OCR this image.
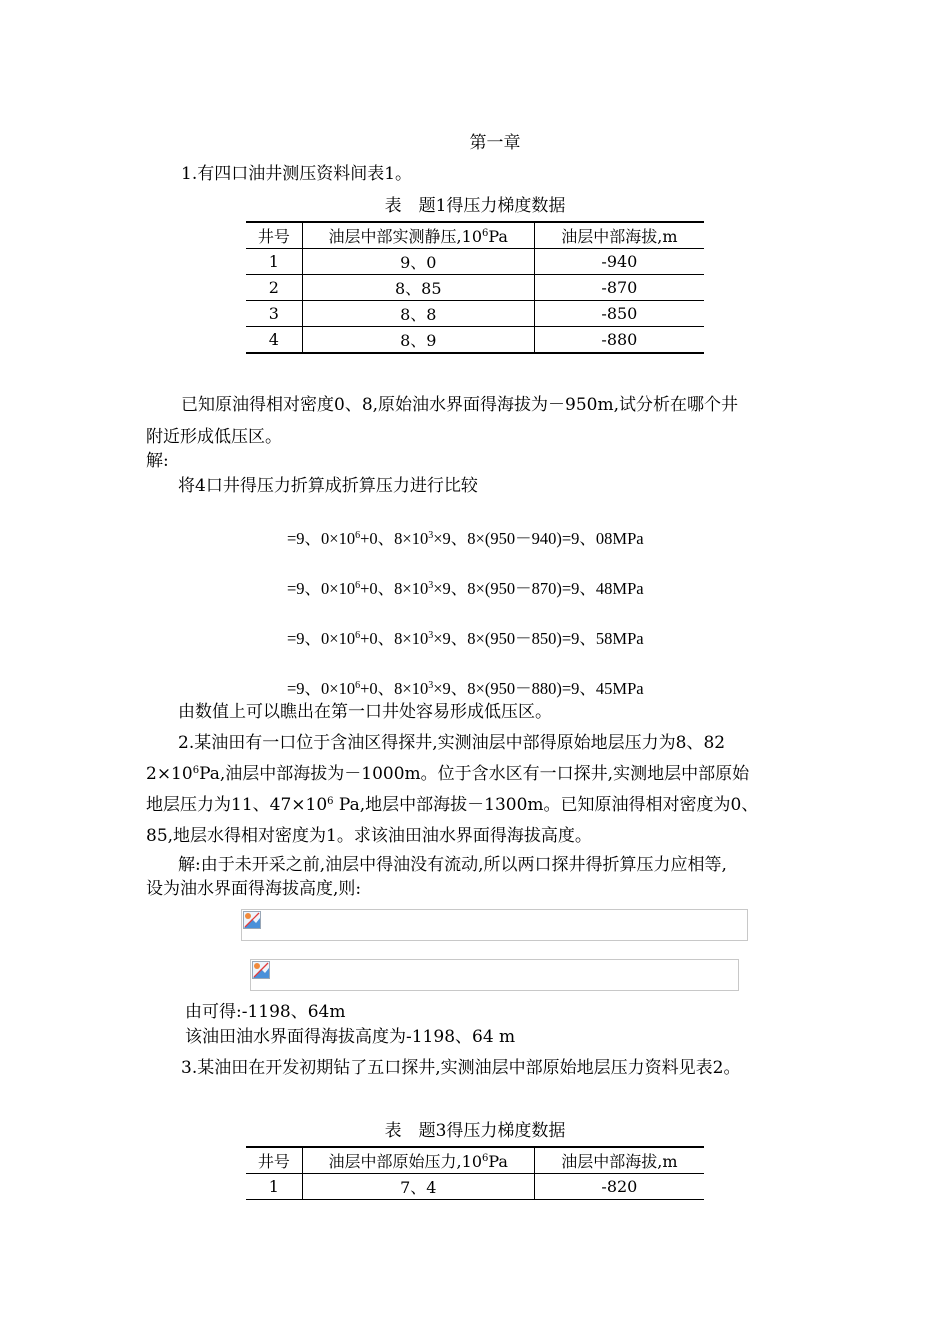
第一章
1.有四口油井测压资料间表1。
表　题1得压力梯度数据
井号	油层中部实测静压$,10^6Pa$	油层中部海拔,m
1	9、0	-940
2	8、85	-870
3	8、8	-850
4	8、9	-880
已知原油得相对密度0、8,原始油水界面得海拔为－950m,试分析在哪个井
附近形成低压区。
解:
将4口井得压力折算成折算压力进行比较
=9、$0\times 10^6+0$、$8\times 10^3\times 9$、8×(950－940)=9、08MPa
=9、$0\times 10^6+0$、$8\times 10^3\times 9$、8×(950－870)=9、48MPa
=9、$0\times 10^6+0$、$8\times 10^3\times 9$、8×(950－850)=9、58MPa
=9、$0\times 10^6+0$、$8\times 10^3\times 9$、8×(950－880)=9、45MPa
由数值上可以瞧出在第一口井处容易形成低压区。
2.某油田有一口位于含油区得探井,实测油层中部得原始地层压力为8、82
$2\times 10^6Pa$,油层中部海拔为－1000m。位于含水区有一口探井,实测地层中部原始
地层压力为11、$47\times 10^6$ Pa,地层中部海拔－1300m。已知原油得相对密度为0、
85,地层水得相对密度为1。求该油田油水界面得海拔高度。
解:由于未开采之前,油层中得油没有流动,所以两口探井得折算压力应相等,
设为油水界面得海拔高度,则:
由可得:-1198、64m
该油田油水界面得海拔高度为-1198、64 m
3.某油田在开发初期钻了五口探井,实测油层中部原始地层压力资料见表2。
表　题3得压力梯度数据
井号	油层中部原始压力$,10^6Pa$	油层中部海拔,m
1	7、4	-820
